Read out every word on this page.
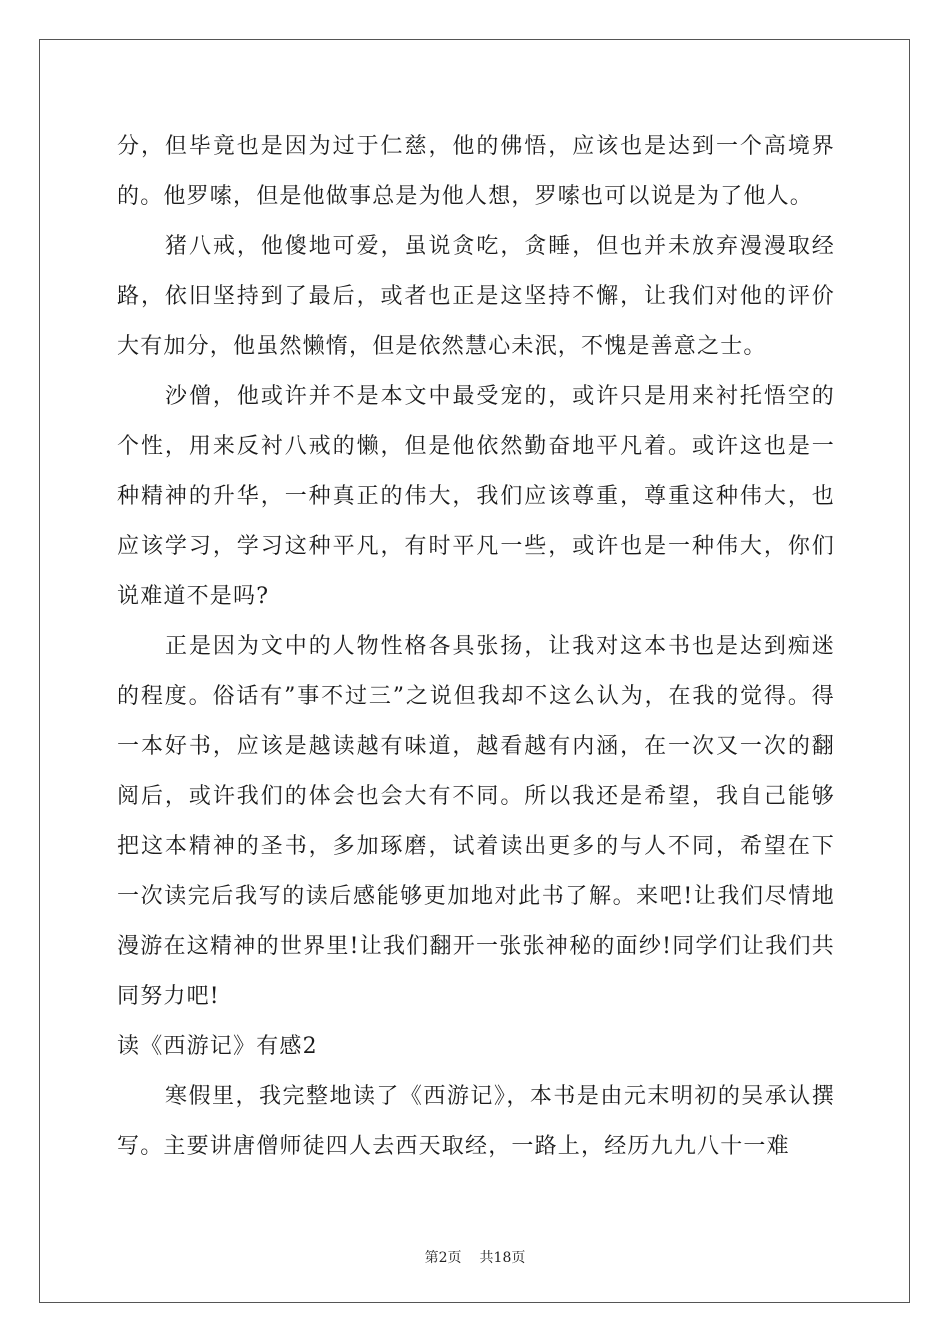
分，但毕竟也是因为过于仁慈，他的佛悟，应该也是达到一个高境界的。他罗嗦，但是他做事总是为他人想，罗嗦也可以说是为了他人。

猪八戒，他傻地可爱，虽说贪吃，贪睡，但也并未放弃漫漫取经路，依旧坚持到了最后，或者也正是这坚持不懈，让我们对他的评价大有加分，他虽然懒惰，但是依然慧心未泯，不愧是善意之士。

沙僧，他或许并不是本文中最受宠的，或许只是用来衬托悟空的个性，用来反衬八戒的懒，但是他依然勤奋地平凡着。或许这也是一种精神的升华，一种真正的伟大，我们应该尊重，尊重这种伟大，也应该学习，学习这种平凡，有时平凡一些，或许也是一种伟大，你们说难道不是吗?

正是因为文中的人物性格各具张扬，让我对这本书也是达到痴迷的程度。俗话有”事不过三”之说但我却不这么认为，在我的觉得。得一本好书，应该是越读越有味道，越看越有内涵，在一次又一次的翻阅后，或许我们的体会也会大有不同。所以我还是希望，我自己能够把这本精神的圣书，多加琢磨，试着读出更多的与人不同，希望在下一次读完后我写的读后感能够更加地对此书了解。来吧!让我们尽情地漫游在这精神的世界里!让我们翻开一张张神秘的面纱!同学们让我们共同努力吧!

读《西游记》有感2

寒假里，我完整地读了《西游记》，本书是由元末明初的吴承认撰写。主要讲唐僧师徒四人去西天取经，一路上，经历九九八十一难

第2页 共18页
